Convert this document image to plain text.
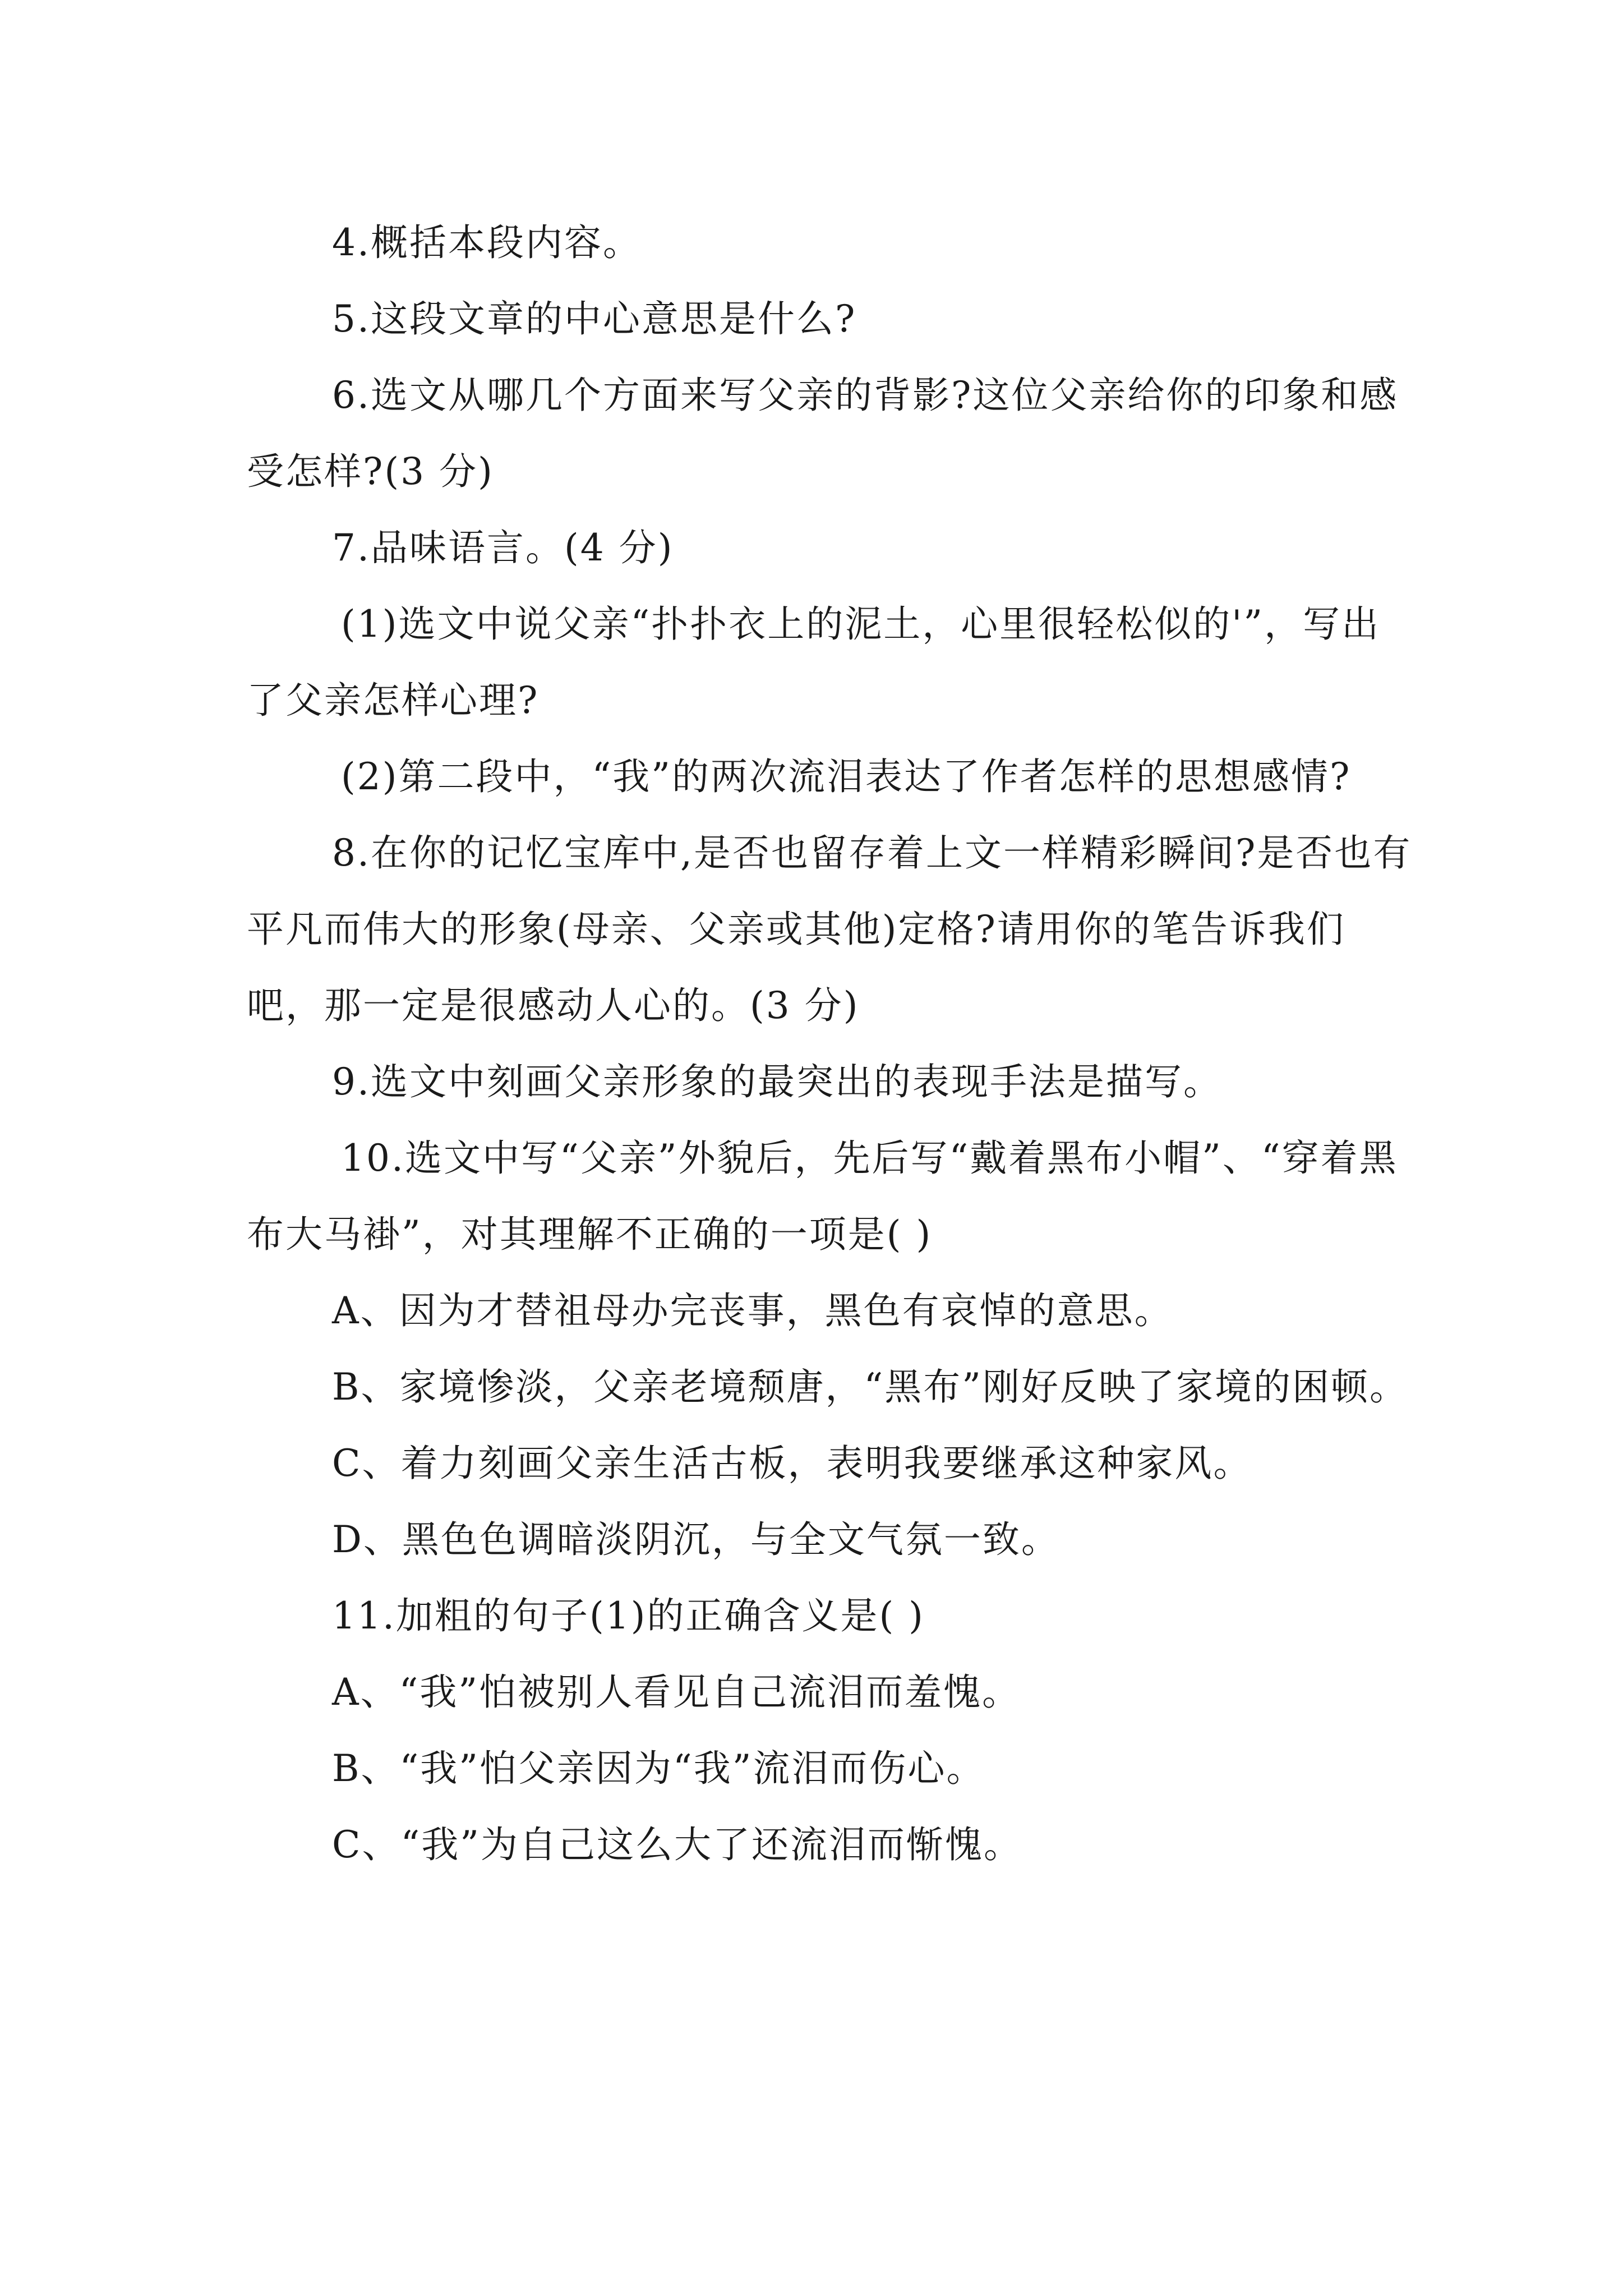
4.概括本段内容。

5.这段文章的中心意思是什么?

6.选文从哪几个方面来写父亲的背影?这位父亲给你的印象和感受怎样?(3 分)

7.品味语言。(4 分)

(1)选文中说父亲“扑扑衣上的泥土，心里很轻松似的'”，写出了父亲怎样心理?

(2)第二段中，“我”的两次流泪表达了作者怎样的思想感情?

8.在你的记忆宝库中,是否也留存着上文一样精彩瞬间?是否也有平凡而伟大的形象(母亲、父亲或其他)定格?请用你的笔告诉我们吧，那一定是很感动人心的。(3 分)

9.选文中刻画父亲形象的最突出的表现手法是描写。

10.选文中写“父亲”外貌后，先后写“戴着黑布小帽”、“穿着黑布大马褂”，对其理解不正确的一项是( )

A、因为才替祖母办完丧事，黑色有哀悼的意思。

B、家境惨淡，父亲老境颓唐，“黑布”刚好反映了家境的困顿。

C、着力刻画父亲生活古板，表明我要继承这种家风。

D、黑色色调暗淡阴沉，与全文气氛一致。

11.加粗的句子(1)的正确含义是( )

A、“我”怕被别人看见自己流泪而羞愧。

B、“我”怕父亲因为“我”流泪而伤心。

C、“我”为自己这么大了还流泪而惭愧。
